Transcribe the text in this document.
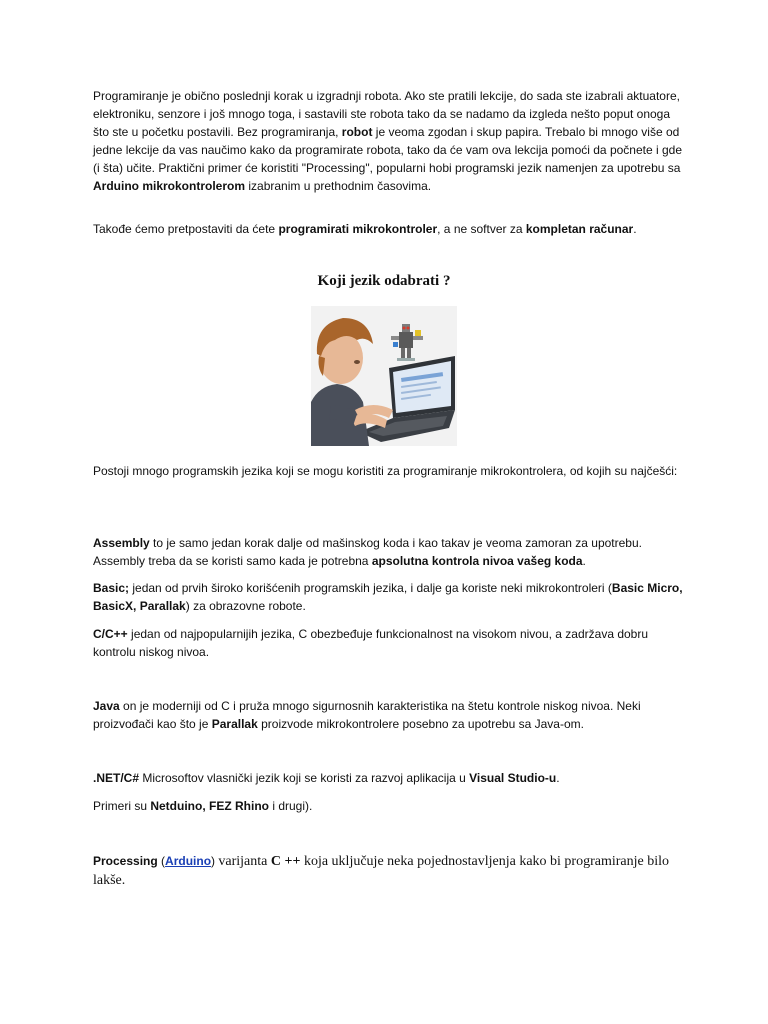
Programiranje je obično poslednji korak u izgradnji robota. Ako ste pratili lekcije, do sada ste izabrali aktuatore, elektroniku, senzore i još mnogo toga, i sastavili ste robota tako da se nadamo da izgleda nešto poput onoga što ste u početku postavili. Bez programiranja, robot je veoma zgodan i skup papira. Trebalo bi mnogo više od jedne lekcije da vas naučimo kako da programirate robota, tako da će vam ova lekcija pomoći da počnete i gde (i šta) učite. Praktični primer će koristiti "Processing", popularni hobi programski jezik namenjen za upotrebu sa Arduino mikrokontrolerom izabranim u prethodnim časovima.

Takođe ćemo pretpostaviti da ćete programirati mikrokontroler, a ne softver za kompletan računar.

Koji jezik odabrati ?

Postoji mnogo programskih jezika koji se mogu koristiti za programiranje mikrokontrolera, od kojih su najčešći:

Assembly to je samo jedan korak dalje od mašinskog koda i kao takav je veoma zamoran za upotrebu. Assembly treba da se koristi samo kada je potrebna apsolutna kontrola nivoa vašeg koda.

Basic; jedan od prvih široko korišćenih programskih jezika, i dalje ga koriste neki mikrokontroleri (Basic Micro, BasicX, Parallak) za obrazovne robote.

C/C++ jedan od najpopularnijih jezika, C obezbeđuje funkcionalnost na visokom nivou, a zadržava dobru kontrolu niskog nivoa.

Java on je moderniji od C i pruža mnogo sigurnosnih karakteristika na štetu kontrole niskog nivoa. Neki proizvođači kao što je Parallak proizvode mikrokontrolere posebno za upotrebu sa Java-om.

.NET/C# Microsoftov vlasnički jezik koji se koristi za razvoj aplikacija u Visual Studio-u.

Primeri su Netduino, FEZ Rhino i drugi).

Processing (Arduino) varijanta C ++ koja uključuje neka pojednostavljenja kako bi programiranje bilo lakše.
